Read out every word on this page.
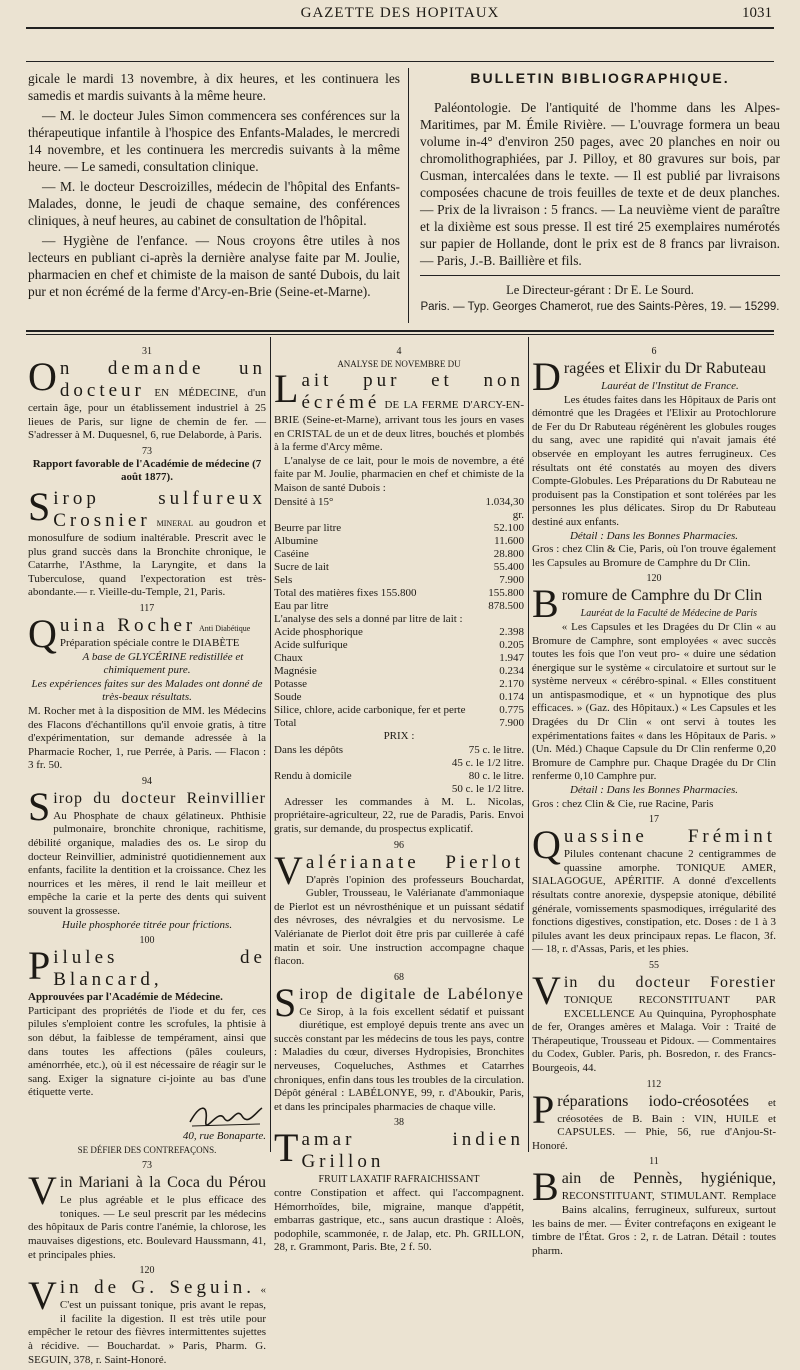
GAZETTE DES HOPITAUX	1031

gicale le mardi 13 novembre, à dix heures, et les continuera les samedis et mardis suivants à la même heure.

— M. le docteur Jules Simon commencera ses conférences sur la thérapeutique infantile à l'hospice des Enfants-Malades, le mercredi 14 novembre, et les continuera les mercredis suivants à la même heure. — Le samedi, consultation clinique.

— M. le docteur Descroizilles, médecin de l'hôpital des Enfants-Malades, donne, le jeudi de chaque semaine, des conférences cliniques, à neuf heures, au cabinet de consultation de l'hôpital.

— Hygiène de l'enfance. — Nous croyons être utiles à nos lecteurs en publiant ci-après la dernière analyse faite par M. Joulie, pharmacien en chef et chimiste de la maison de santé Dubois, du lait pur et non écrémé de la ferme d'Arcy-en-Brie (Seine-et-Marne).

BULLETIN BIBLIOGRAPHIQUE.

Paléontologie. De l'antiquité de l'homme dans les Alpes-Maritimes, par M. Émile Rivière. — L'ouvrage formera un beau volume in-4° d'environ 250 pages, avec 20 planches en noir ou chromolithographiées, par J. Pilloy, et 80 gravures sur bois, par Cusman, intercalées dans le texte. — Il est publié par livraisons composées chacune de trois feuilles de texte et de deux planches. — Prix de la livraison : 5 francs. — La neuvième vient de paraître et la dixième est sous presse. Il est tiré 25 exemplaires numérotés sur papier de Hollande, dont le prix est de 8 francs par livraison. — Paris, J.-B. Baillière et fils.

Le Directeur-gérant : Dr E. Le Sourd.
Paris. — Typ. Georges Chamerot, rue des Saints-Pères, 19. — 15299.
31
O n demande un docteur EN MÉDECINE, d'un certain âge, pour un établissement industriel à 25 lieues de Paris, sur ligne de chemin de fer. — S'adresser à M. Duquesnel, 6, rue Delaborde, à Paris.
73
Rapport favorable de l'Académie de médecine (7 août 1877).
S irop sulfureux Crosnier MINERAL au goudron et monosulfure de sodium inaltérable. Prescrit avec le plus grand succès dans la Bronchite chronique, le Catarrhe, l'Asthme, la Laryngite, et dans la Tuberculose, quand l'expectoration est très-abondante.— r. Vieille-du-Temple, 21, Paris.
117
Q uina Rocher Anti Diabétique
Préparation spéciale contre le DIABÈTE
A base de GLYCÉRINE redistillée et chimiquement pure.
Les expériences faites sur des Malades ont donné de très-beaux résultats.
M. Rocher met à la disposition de MM. les Médecins des Flacons d'échantillons qu'il envoie gratis, à titre d'expérimentation, sur demande adressée à la Pharmacie Rocher, 1, rue Perrée, à Paris. — Flacon : 3 fr. 50.
94
S irop du docteur Reinvillier Au Phosphate de chaux gélatineux. Phthisie pulmonaire, bronchite chronique, rachitisme, débilité organique, maladies des os. Le sirop du docteur Reinvillier, administré quotidiennement aux enfants, facilite la dentition et la croissance. Chez les nourrices et les mères, il rend le lait meilleur et empêche la carie et la perte des dents qui suivent souvent la grossesse.
Huile phosphorée titrée pour frictions.
100
P ilules de Blancard,
Approuvées par l'Académie de Médecine.
Participant des propriétés de l'iode et du fer, ces pilules s'emploient contre les scrofules, la phtisie à son début, la faiblesse de tempérament, ainsi que dans toutes les affections (pâles couleurs, aménorrhée, etc.), où il est nécessaire de réagir sur le sang. Exiger la signature ci-jointe au bas d'une étiquette verte.
40, rue Bonaparte.
SE DÉFIER DES CONTREFAÇONS.
73
V in Mariani à la Coca du Pérou Le plus agréable et le plus efficace des toniques. — Le seul prescrit par les médecins des hôpitaux de Paris contre l'anémie, la chlorose, les mauvaises digestions, etc. Boulevard Haussmann, 41, et principales phies.
120
V in de G. Seguin. « C'est un puissant tonique, pris avant le repas, il facilite la digestion. Il est très utile pour empêcher le retour des fièvres intermittentes sujettes à récidive. — Bouchardat. » Paris, Pharm. G. SEGUIN, 378, r. Saint-Honoré.
4
ANALYSE DE NOVEMBRE DU
L ait pur et non écrémé DE LA FERME D'ARCY-EN-BRIE (Seine-et-Marne), arrivant tous les jours en vases en CRISTAL de un et de deux litres, bouchés et plombés à la ferme d'Arcy même.
L'analyse de ce lait, pour le mois de novembre, a été faite par M. Joulie, pharmacien en chef et chimiste de la Maison de santé Dubois :
Densité à 15°	1.034,30
	gr.
Beurre par litre	52.100
Albumine	11.600
Caséine	28.800
Sucre de lait	55.400
Sels	7.900
Total des matières fixes 155.800	155.800
Eau par litre	878.500
L'analyse des sels a donné par litre de lait :
Acide phosphorique	2.398
Acide sulfurique	0.205
Chaux	1.947
Magnésie	0.234
Potasse	2.170
Soude	0.174
Silice, chlore, acide carbonique, fer et perte	0.775
Total	7.900
PRIX :
Dans les dépôts	75 c. le litre.
	45 c. le 1/2 litre.
Rendu à domicile	80 c. le litre.
	50 c. le 1/2 litre.
Adresser les commandes à M. L. Nicolas, propriétaire-agriculteur, 22, rue de Paradis, Paris. Envoi gratis, sur demande, du prospectus explicatif.
96
V alérianate Pierlot D'après l'opinion des professeurs Bouchardat, Gubler, Trousseau, le Valérianate d'ammoniaque de Pierlot est un névrosthénique et un puissant sédatif des névroses, des névralgies et du nervosisme. Le Valérianate de Pierlot doit être pris par cuillerée à café matin et soir. Une instruction accompagne chaque flacon.
68
S irop de digitale de Labélonye Ce Sirop, à la fois excellent sédatif et puissant diurétique, est employé depuis trente ans avec un succès constant par les médecins de tous les pays, contre : Maladies du cœur, diverses Hydropisies, Bronchites nerveuses, Coqueluches, Asthmes et Catarrhes chroniques, enfin dans tous les troubles de la circulation. Dépôt général : LABÉLONYE, 99, r. d'Aboukir, Paris, et dans les principales pharmacies de chaque ville.
38
T amar indien Grillon
FRUIT LAXATIF RAFRAICHISSANT
contre Constipation et affect. qui l'accompagnent. Hémorrhoïdes, bile, migraine, manque d'appétit, embarras gastrique, etc., sans aucun drastique : Aloès, podophile, scammonée, r. de Jalap, etc. Ph. GRILLON, 28, r. Grammont, Paris. Bte, 2 f. 50.
6
D ragées et Elixir du Dr Rabuteau
Lauréat de l'Institut de France.
Les études faites dans les Hôpitaux de Paris ont démontré que les Dragées et l'Elixir au Protochlorure de Fer du Dr Rabuteau régénèrent les globules rouges du sang, avec une rapidité qui n'avait jamais été observée en employant les autres ferrugineux. Ces résultats ont été constatés au moyen des divers Compte-Globules. Les Préparations du Dr Rabuteau ne produisent pas la Constipation et sont tolérées par les personnes les plus délicates. Sirop du Dr Rabuteau destiné aux enfants.
Détail : Dans les Bonnes Pharmacies.
Gros : chez Clin & Cie, Paris, où l'on trouve également les Capsules au Bromure de Camphre du Dr Clin.
120
B romure de Camphre du Dr Clin
Lauréat de la Faculté de Médecine de Paris
« Les Capsules et les Dragées du Dr Clin « au Bromure de Camphre, sont employées « avec succès toutes les fois que l'on veut pro- « duire une sédation énergique sur le système « circulatoire et surtout sur le système nerveux « cérébro-spinal. « Elles constituent un antispasmodique, et « un hypnotique des plus efficaces. » (Gaz. des Hôpitaux.) « Les Capsules et les Dragées du Dr Clin « ont servi à toutes les expérimentations faites « dans les Hôpitaux de Paris. » (Un. Méd.) Chaque Capsule du Dr Clin renferme 0,20 Bromure de Camphre pur. Chaque Dragée du Dr Clin renferme 0,10 Camphre pur.
Détail : Dans les Bonnes Pharmacies.
Gros : chez Clin & Cie, rue Racine, Paris
17
Q uassine Frémint Pilules contenant chacune 2 centigrammes de quassine amorphe. TONIQUE AMER, SIALAGOGUE, APÉRITIF. A donné d'excellents résultats contre anorexie, dyspepsie atonique, débilité générale, vomissements spasmodiques, irrégularité des fonctions digestives, constipation, etc. Doses : de 1 à 3 pilules avant les deux principaux repas. Le flacon, 3f. — 18, r. d'Assas, Paris, et les phies.
55
V in du docteur Forestier TONIQUE RECONSTITUANT PAR EXCELLENCE Au Quinquina, Pyrophosphate de fer, Oranges amères et Malaga. Voir : Traité de Thérapeutique, Trousseau et Pidoux. — Commentaires du Codex, Gubler. Paris, ph. Bosredon, r. des Francs-Bourgeois, 44.
112
P réparations iodo-créosotées et créosotées de B. Bain : VIN, HUILE et CAPSULES. — Phie, 56, rue d'Anjou-St-Honoré.
11
B ain de Pennès, hygiénique, RECONSTITUANT, STIMULANT. Remplace Bains alcalins, ferrugineux, sulfureux, surtout les bains de mer. — Éviter contrefaçons en exigeant le timbre de l'État. Gros : 2, r. de Latran. Détail : toutes pharm.
